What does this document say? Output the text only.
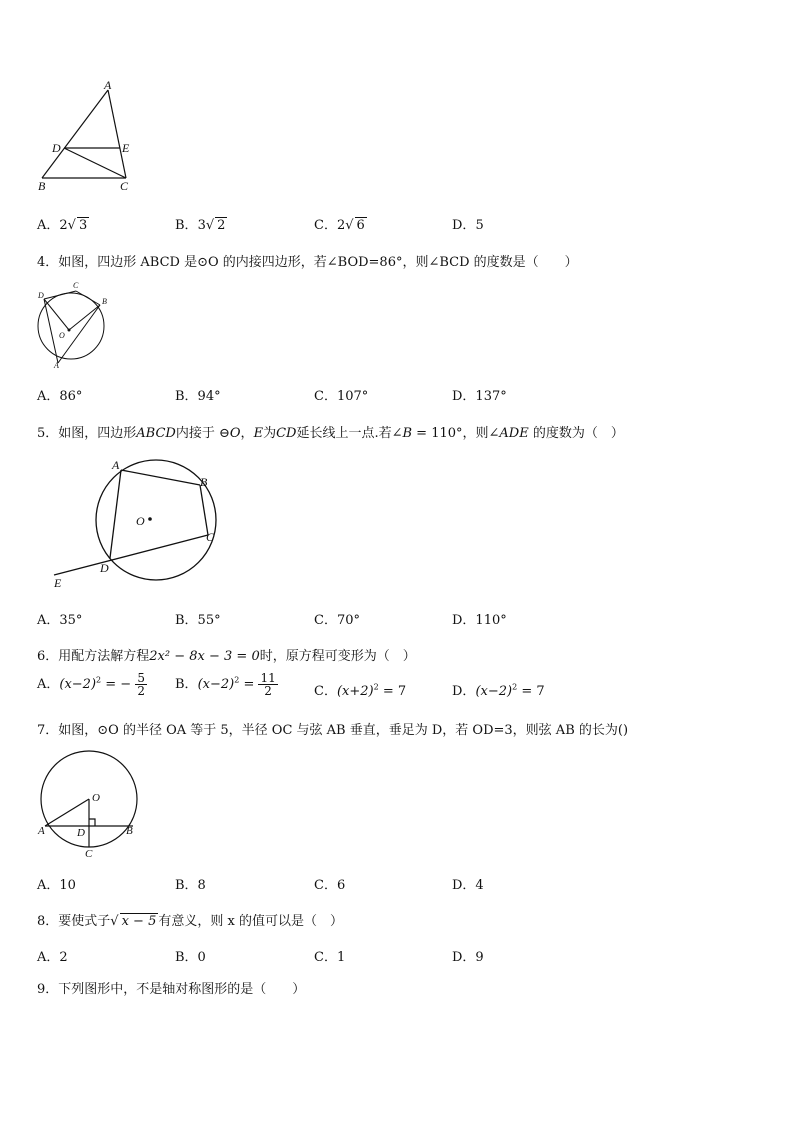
A
D	E
B	C
A．2√ 3	B．3√ 2	C．2√ 6	D．5
4．如图，四边形 ABCD 是⊙O 的内接四边形，若∠BOD=86°，则∠BCD 的度数是（　　）
D
C
B
O
A
A．86°	B．94°	C．107°	D．137°
5．如图，四边形ABCD内接于 ⊖O，E为CD延长线上一点.若∠B = 110°，则∠ADE 的度数为（　）
A
B
C
D
E
O
A．35°	B．55°	C．70°	D．110°
6．用配方法解方程2x² − 8x − 3 = 0时，原方程可变形为（　）
A．$(x-2)^2$ = − $\frac{5}{2}$ B．$(x-2)^2 = \frac{11}{2}$	C．$(x+2)^2 = 7$	D．$(x-2)^2 = 7$
7．如图，⊙O 的半径 OA 等于 5，半径 OC 与弦 AB 垂直，垂足为 D，若 OD=3，则弦 AB 的长为()
O
A	B
D
C
A．10	B．8	C．6	D．4
8．要使式子√ x − 5 有意义，则 x 的值可以是（　）
A．2	B．0	C．1	D．9
9．下列图形中，不是轴对称图形的是（　　）
